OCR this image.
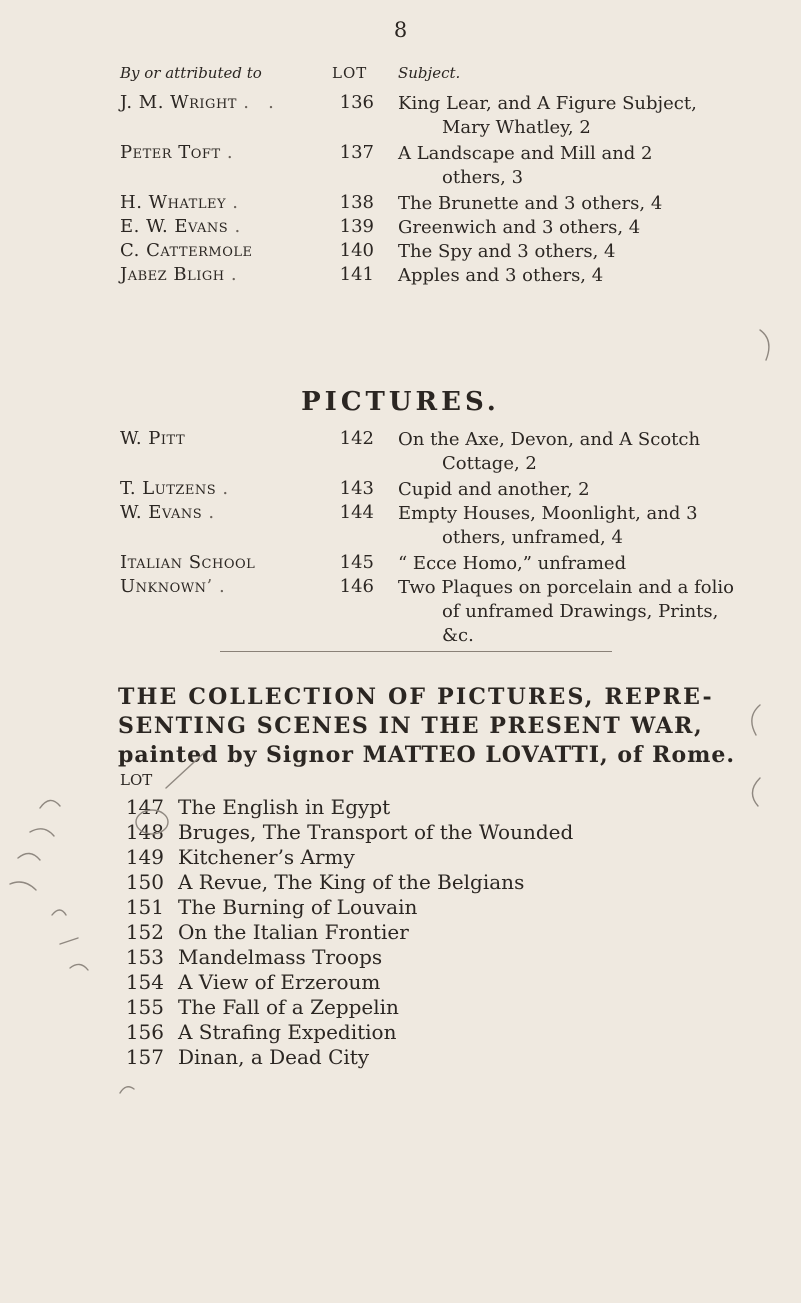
8
By or attributed to	LOT Subject.
J. M. Wright .   .	136 King Lear, and A Figure Subject,
Mary Whatley, 2
Peter Toft .	137 A Landscape and Mill and 2
others, 3
H. Whatley .	138 The Brunette and 3 others, 4
E. W. Evans .	139 Greenwich and 3 others, 4
C. Cattermole	140 The Spy and 3 others, 4
Jabez Bligh .	141 Apples and 3 others, 4
PICTURES.
W. Pitt	142 On the Axe, Devon, and A Scotch
Cottage, 2
T. Lutzens .	143 Cupid and another, 2
W. Evans .	144 Empty Houses, Moonlight, and 3
others, unframed, 4
Italian School	145 “ Ecce Homo,” unframed
Unknown’ .	146 Two Plaques on porcelain and a folio
of unframed Drawings, Prints,
&c.
THE COLLECTION OF PICTURES, REPRE-
SENTING SCENES IN THE PRESENT WAR,
painted by Signor MATTEO LOVATTI, of Rome.
LOT
147 The English in Egypt
148 Bruges, The Transport of the Wounded
149 Kitchener’s Army
150 A Revue, The King of the Belgians
151 The Burning of Louvain
152 On the Italian Frontier
153 Mandelmass Troops
154 A View of Erzeroum
155 The Fall of a Zeppelin
156 A Strafing Expedition
157 Dinan, a Dead City
